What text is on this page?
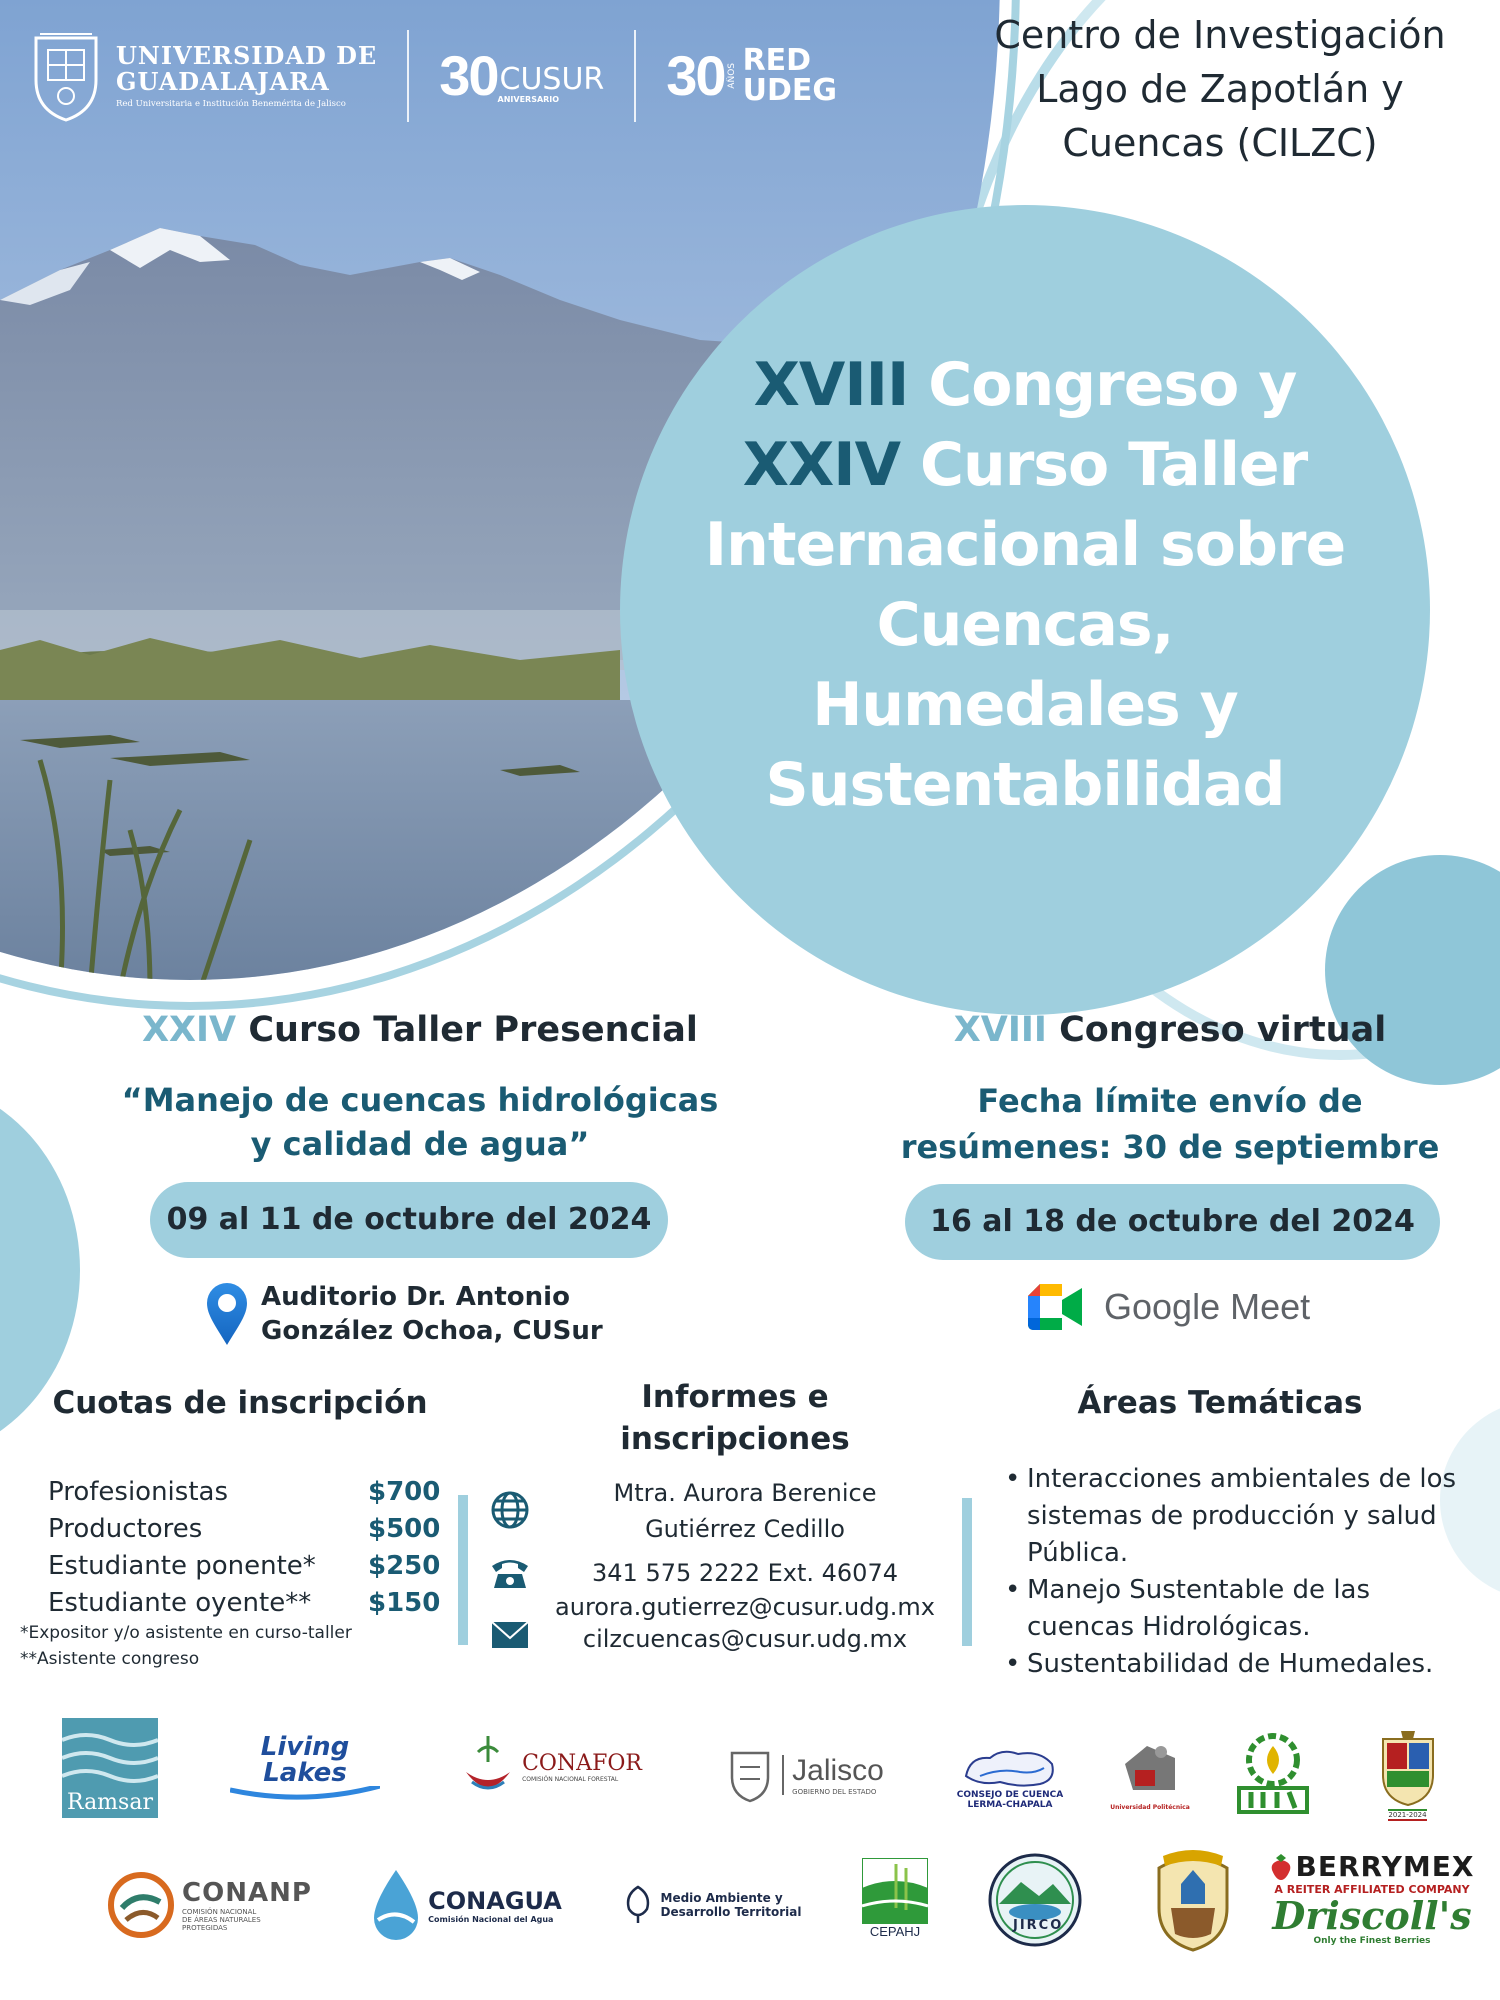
UNIVERSIDAD DE
GUADALAJARA
Red Universitaria e Institución Benemérita de Jalisco	30 CUSUR
ANIVERSARIO	30 AÑOS RED
UDEG
Centro de Investigación
Lago de Zapotlán y
Cuencas (CILZC)
XVIII Congreso y
XXIV Curso Taller
Internacional sobre
Cuencas,
Humedales y
Sustentabilidad
XXIV Curso Taller Presencial
“Manejo de cuencas hidrológicas
y calidad de agua”
09 al 11 de octubre del 2024
Auditorio Dr. Antonio
González Ochoa, CUSur
XVIII Congreso virtual
Fecha límite envío de
resúmenes: 30 de septiembre
16 al 18 de octubre del 2024
Google Meet
Cuotas de inscripción
Profesionistas	$700
Productores	$500
Estudiante ponente* $250
Estudiante oyente** $150
*Expositor y/o asistente en curso-taller
**Asistente congreso
Informes e
inscripciones
Mtra. Aurora Berenice
Gutiérrez Cedillo
341 575 2222 Ext. 46074
aurora.gutierrez@cusur.udg.mx
cilzcuencas@cusur.udg.mx
Áreas Temáticas
• Interacciones ambientales de los
sistemas de producción y salud
Pública.
• Manejo Sustentable de las
cuencas Hidrológicas.
• Sustentabilidad de Humedales.
Ramsar
Living
Lakes	CONAFOR
COMISIÓN NACIONAL FORESTAL	Jalisco
GOBIERNO DEL ESTADO	CONSEJO DE CUENCA
LERMA-CHAPALA	Universidad Politécnica
2021-2024
CONANP
COMISIÓN NACIONAL
DE ÁREAS NATURALES
PROTEGIDAS
CONAGUA
Comisión Nacional del Agua
Medio Ambiente y
Desarrollo Territorial
CEPAHJ	JIRCO
BERRYMEX
A REITER AFFILIATED COMPANY
Driscoll's
Only the Finest Berries
